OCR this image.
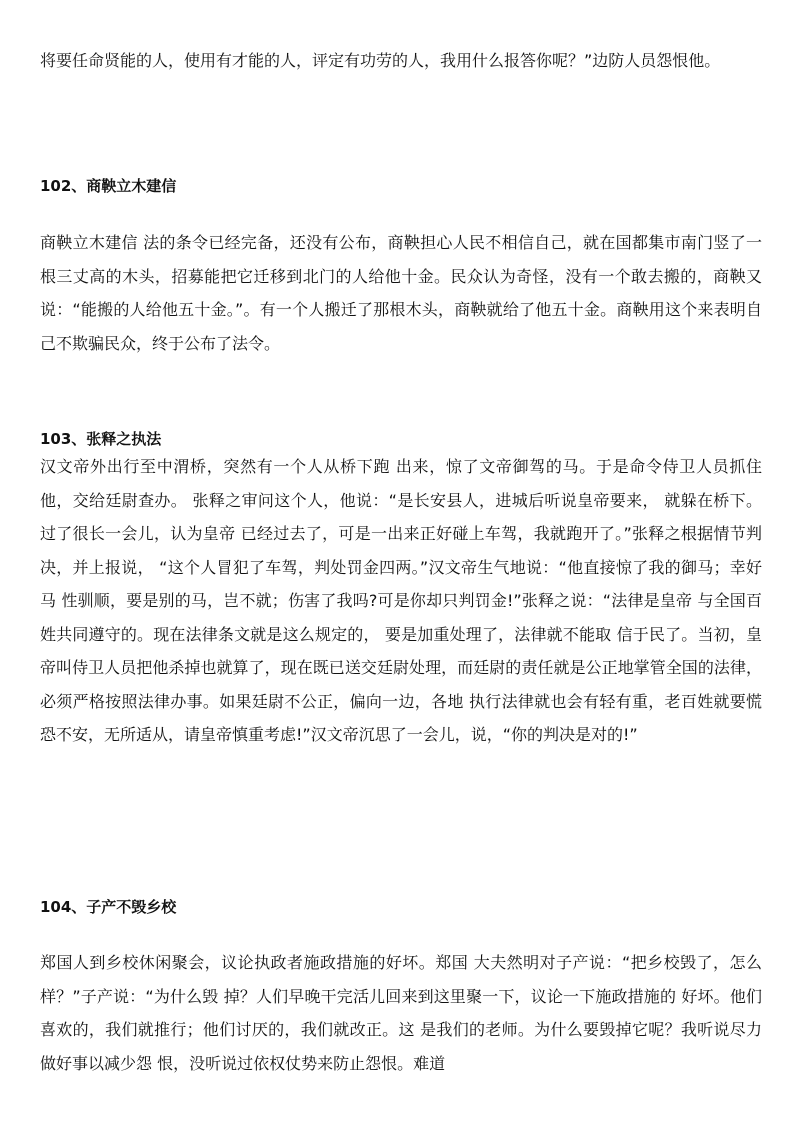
将要任命贤能的人，使用有才能的人，评定有功劳的人，我用什么报答你呢？”边防人员怨恨他。

102、商鞅立木建信

商鞅立木建信 法的条令已经完备，还没有公布，商鞅担心人民不相信自己，就在国都集市南门竖了一根三丈高的木头，招募能把它迁移到北门的人给他十金。民众认为奇怪，没有一个敢去搬的，商鞅又说：“能搬的人给他五十金。”。有一个人搬迁了那根木头，商鞅就给了他五十金。商鞅用这个来表明自己不欺骗民众，终于公布了法令。

103、张释之执法

汉文帝外出行至中渭桥，突然有一个人从桥下跑 出来，惊了文帝御驾的马。于是命令侍卫人员抓住他，交给廷尉查办。 张释之审问这个人，他说：“是长安县人，进城后听说皇帝要来， 就躲在桥下。过了很长一会儿，认为皇帝 已经过去了，可是一出来正好碰上车驾，我就跑开了。”张释之根据情节判决，并上报说， “这个人冒犯了车驾，判处罚金四两。”汉文帝生气地说：“他直接惊了我的御马；幸好马 性驯顺，要是别的马，岂不就；伤害了我吗?可是你却只判罚金!”张释之说：“法律是皇帝 与全国百姓共同遵守的。现在法律条文就是这么规定的， 要是加重处理了，法律就不能取 信于民了。当初，皇帝叫侍卫人员把他杀掉也就算了，现在既已送交廷尉处理，而廷尉的责任就是公正地掌管全国的法律，必须严格按照法律办事。如果廷尉不公正，偏向一边，各地 执行法律就也会有轻有重，老百姓就要慌恐不安，无所适从，请皇帝慎重考虑!”汉文帝沉思了一会儿，说，“你的判决是对的!”

104、子产不毁乡校

郑国人到乡校休闲聚会，议论执政者施政措施的好坏。郑国 大夫然明对子产说：“把乡校毁了，怎么样？”子产说：“为什么毁 掉？人们早晚干完活儿回来到这里聚一下，议论一下施政措施的 好坏。他们喜欢的，我们就推行；他们讨厌的，我们就改正。这 是我们的老师。为什么要毁掉它呢？我听说尽力做好事以减少怨 恨，没听说过依权仗势来防止怨恨。难道
